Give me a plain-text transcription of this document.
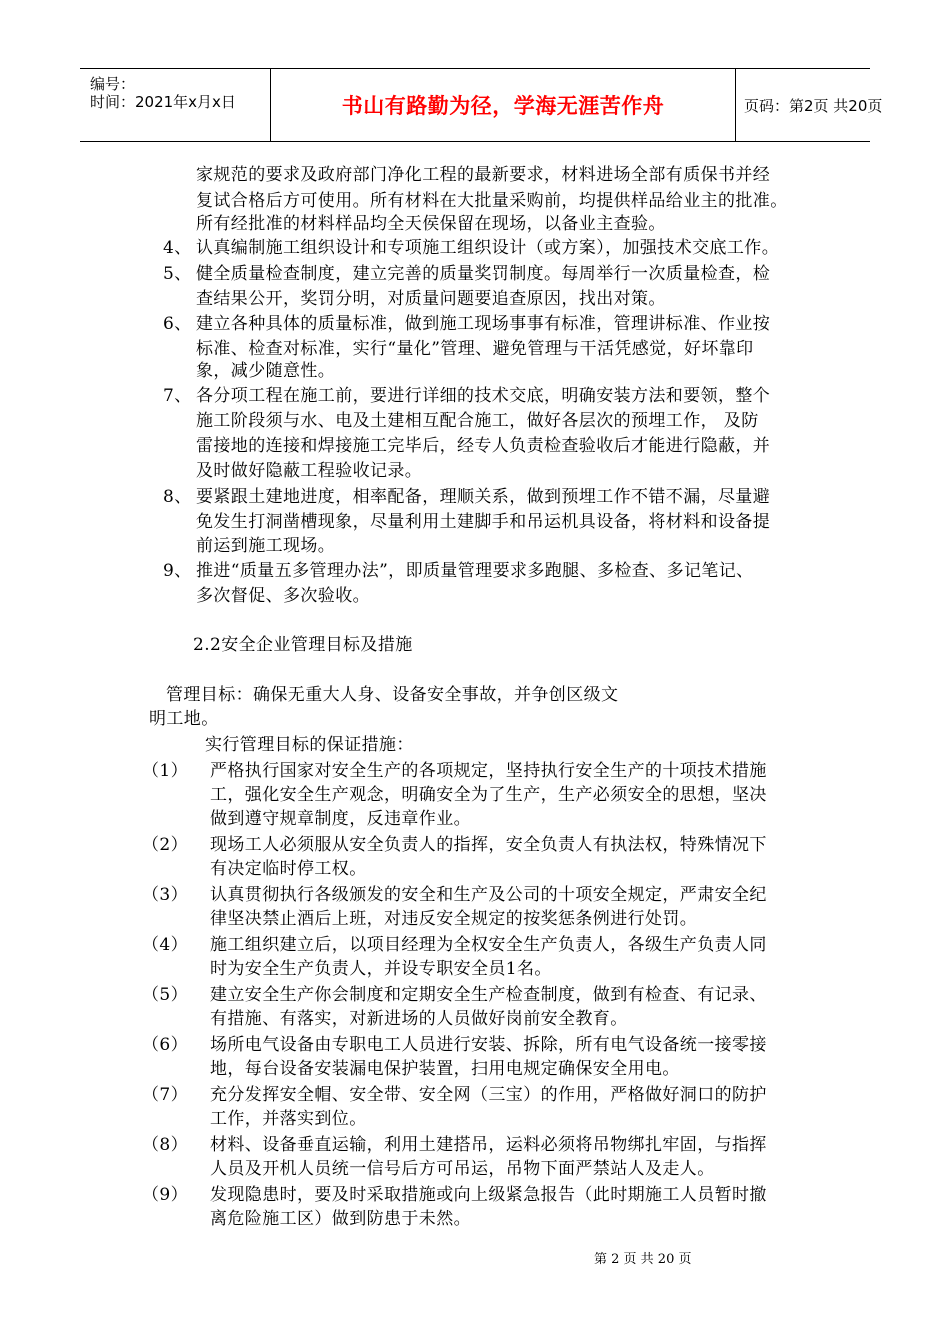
编号：
时间：2021年x月x日	书山有路勤为径，学海无涯苦作舟	页码：第2页 共20页
家规范的要求及政府部门净化工程的最新要求，材料进场全部有质保书并经
复试合格后方可使用。所有材料在大批量采购前，均提供样品给业主的批准。
所有经批准的材料样品均全天侯保留在现场，以备业主查验。
4、 认真编制施工组织设计和专项施工组织设计（或方案），加强技术交底工作。
5、 健全质量检查制度，建立完善的质量奖罚制度。每周举行一次质量检查，检
查结果公开，奖罚分明，对质量问题要追查原因，找出对策。
6、 建立各种具体的质量标准，做到施工现场事事有标准，管理讲标准、作业按
标准、检查对标准，实行“量化”管理、避免管理与干活凭感觉，好坏靠印
象，减少随意性。
7、 各分项工程在施工前，要进行详细的技术交底，明确安装方法和要领，整个
施工阶段须与水、电及土建相互配合施工，做好各层次的预埋工作， 及防
雷接地的连接和焊接施工完毕后，经专人负责检查验收后才能进行隐蔽，并
及时做好隐蔽工程验收记录。
8、 要紧跟土建地进度，相率配备，理顺关系，做到预埋工作不错不漏，尽量避
免发生打洞凿槽现象，尽量利用土建脚手和吊运机具设备，将材料和设备提
前运到施工现场。
9、 推进“质量五多管理办法”，即质量管理要求多跑腿、多检查、多记笔记、
多次督促、多次验收。
2.2安全企业管理目标及措施
管理目标：确保无重大人身、设备安全事故，并争创区级文
明工地。
实行管理目标的保证措施：
（1） 严格执行国家对安全生产的各项规定，坚持执行安全生产的十项技术措施
工，强化安全生产观念，明确安全为了生产，生产必须安全的思想，坚决
做到遵守规章制度，反违章作业。
（2） 现场工人必须服从安全负责人的指挥，安全负责人有执法权，特殊情况下
有决定临时停工权。
（3） 认真贯彻执行各级颁发的安全和生产及公司的十项安全规定，严肃安全纪
律坚决禁止酒后上班，对违反安全规定的按奖惩条例进行处罚。
（4） 施工组织建立后，以项目经理为全权安全生产负责人，各级生产负责人同
时为安全生产负责人，并设专职安全员1名。
（5） 建立安全生产你会制度和定期安全生产检查制度，做到有检查、有记录、
有措施、有落实，对新进场的人员做好岗前安全教育。
（6） 场所电气设备由专职电工人员进行安装、拆除，所有电气设备统一接零接
地，每台设备安装漏电保护装置，扫用电规定确保安全用电。
（7） 充分发挥安全帽、安全带、安全网（三宝）的作用，严格做好洞口的防护
工作，并落实到位。
（8） 材料、设备垂直运输，利用土建搭吊，运料必须将吊物绑扎牢固，与指挥
人员及开机人员统一信号后方可吊运，吊物下面严禁站人及走人。
（9） 发现隐患时，要及时采取措施或向上级紧急报告（此时期施工人员暂时撤
离危险施工区）做到防患于未然。
第 2 页 共 20 页
